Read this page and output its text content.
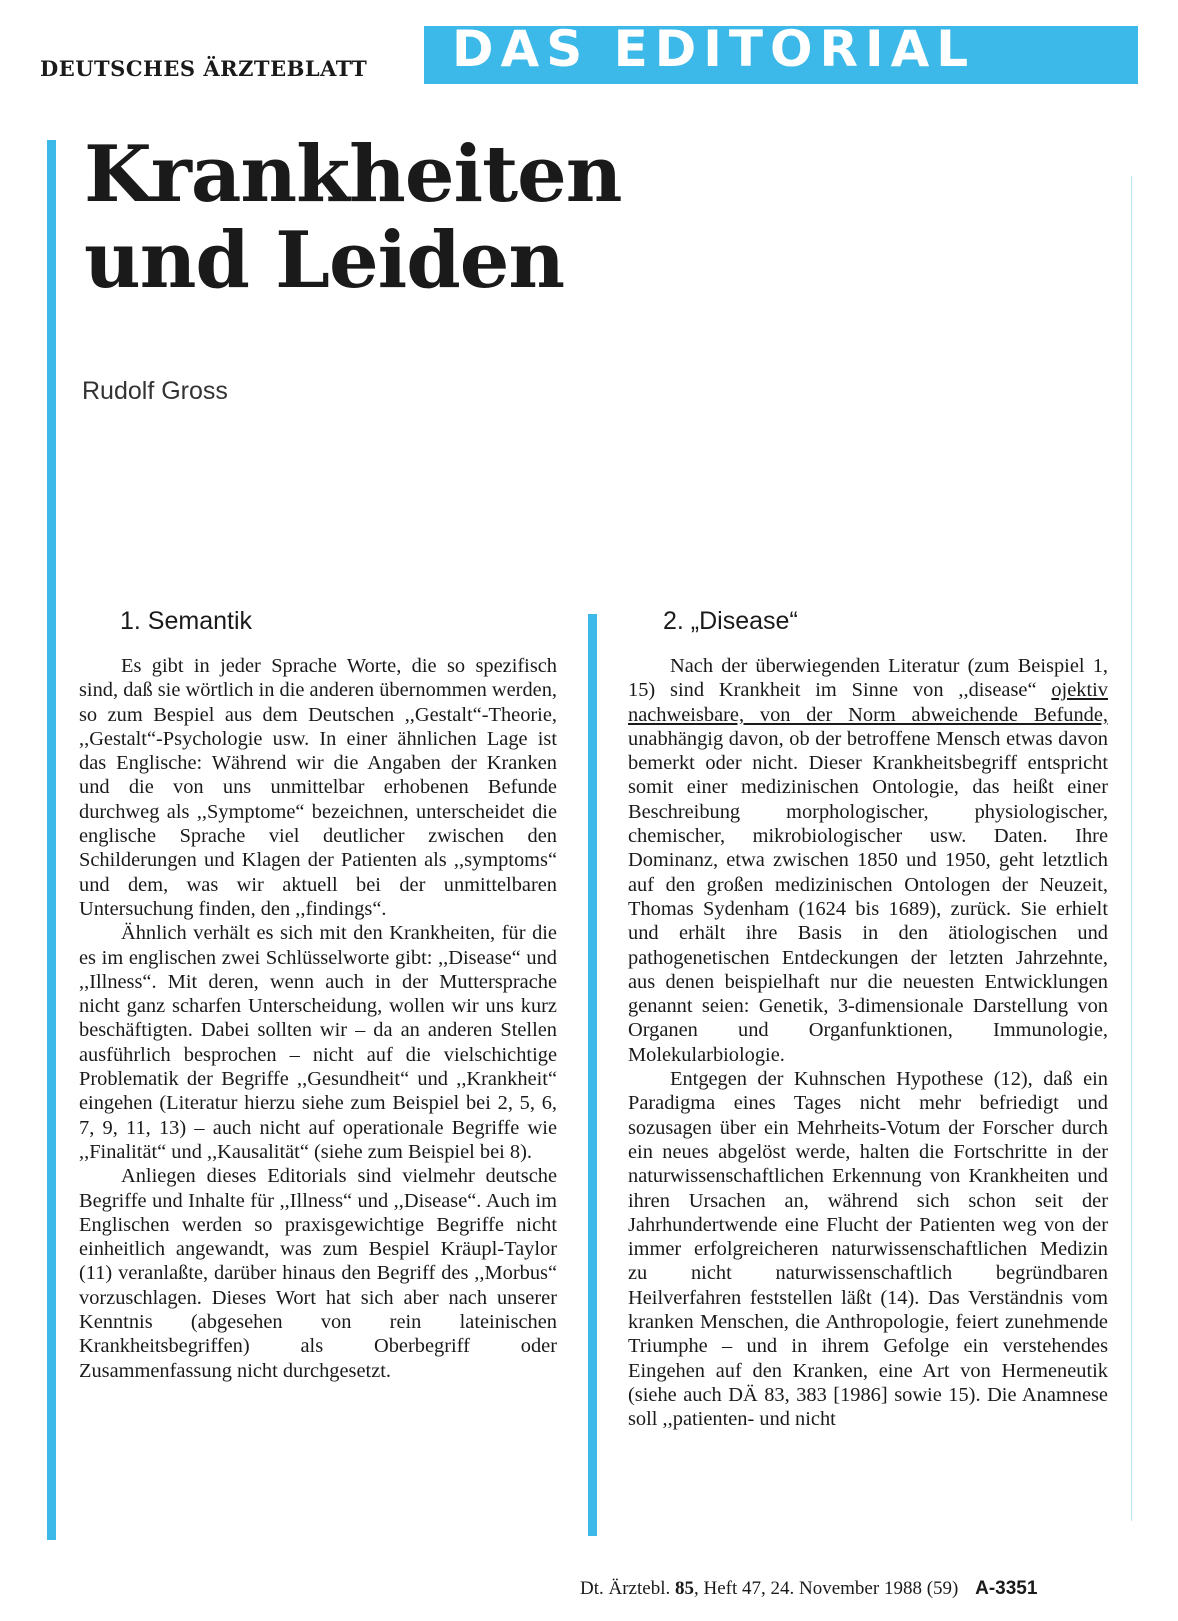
DEUTSCHES ÄRZTEBLATT	DAS EDITORIAL
Krankheiten
und Leiden
Rudolf Gross
1. Semantik

Es gibt in jeder Sprache Worte, die so spezifisch sind, daß sie wörtlich in die anderen übernommen werden, so zum Bespiel aus dem Deutschen ,,Gestalt“-Theorie, ,,Gestalt“-Psychologie usw. In einer ähnlichen Lage ist das Englische: Während wir die Angaben der Kranken und die von uns unmittelbar erhobenen Befunde durchweg als ,,Symptome“ bezeichnen, unterscheidet die englische Sprache viel deutlicher zwischen den Schilderungen und Klagen der Patienten als ,,symptoms“ und dem, was wir aktuell bei der unmittelbaren Untersuchung finden, den ,,findings“.

Ähnlich verhält es sich mit den Krankheiten, für die es im englischen zwei Schlüsselworte gibt: ,,Disease“ und ,,Illness“. Mit deren, wenn auch in der Muttersprache nicht ganz scharfen Unterscheidung, wollen wir uns kurz beschäftigten. Dabei sollten wir – da an anderen Stellen ausführlich besprochen – nicht auf die vielschichtige Problematik der Begriffe ,,Gesundheit“ und ,,Krankheit“ eingehen (Literatur hierzu siehe zum Beispiel bei 2, 5, 6, 7, 9, 11, 13) – auch nicht auf operationale Begriffe wie ,,Finalität“ und ,,Kausalität“ (siehe zum Beispiel bei 8).

Anliegen dieses Editorials sind vielmehr deutsche Begriffe und Inhalte für ,,Illness“ und ,,Disease“. Auch im Englischen werden so praxisgewichtige Begriffe nicht einheitlich angewandt, was zum Bespiel Kräupl-Taylor (11) veranlaßte, darüber hinaus den Begriff des ,,Morbus“ vorzuschlagen. Dieses Wort hat sich aber nach unserer Kenntnis (abgesehen von rein lateinischen Krankheitsbegriffen) als Oberbegriff oder Zusammenfassung nicht durchgesetzt.

2. „Disease“

Nach der überwiegenden Literatur (zum Beispiel 1, 15) sind Krankheit im Sinne von ,,disease“ ojektiv nachweisbare, von der Norm abweichende Befunde, unabhängig davon, ob der betroffene Mensch etwas davon bemerkt oder nicht. Dieser Krankheitsbegriff entspricht somit einer medizinischen Ontologie, das heißt einer Beschreibung morphologischer, physiologischer, chemischer, mikrobiologischer usw. Daten. Ihre Dominanz, etwa zwischen 1850 und 1950, geht letztlich auf den großen medizinischen Ontologen der Neuzeit, Thomas Sydenham (1624 bis 1689), zurück. Sie erhielt und erhält ihre Basis in den ätiologischen und pathogenetischen Entdeckungen der letzten Jahrzehnte, aus denen beispielhaft nur die neuesten Entwicklungen genannt seien: Genetik, 3-dimensionale Darstellung von Organen und Organfunktionen, Immunologie, Molekularbiologie.

Entgegen der Kuhnschen Hypothese (12), daß ein Paradigma eines Tages nicht mehr befriedigt und sozusagen über ein Mehrheits-Votum der Forscher durch ein neues abgelöst werde, halten die Fortschritte in der naturwissenschaftlichen Erkennung von Krankheiten und ihren Ursachen an, während sich schon seit der Jahrhundertwende eine Flucht der Patienten weg von der immer erfolgreicheren naturwissenschaftlichen Medizin zu nicht naturwissenschaftlich begründbaren Heilverfahren feststellen läßt (14). Das Verständnis vom kranken Menschen, die Anthropologie, feiert zunehmende Triumphe – und in ihrem Gefolge ein verstehendes Eingehen auf den Kranken, eine Art von Hermeneutik (siehe auch DÄ 83, 383 [1986] sowie 15). Die Anamnese soll ,,patienten- und nicht

Dt. Ärztebl. 85, Heft 47, 24. November 1988 (59) A-3351
